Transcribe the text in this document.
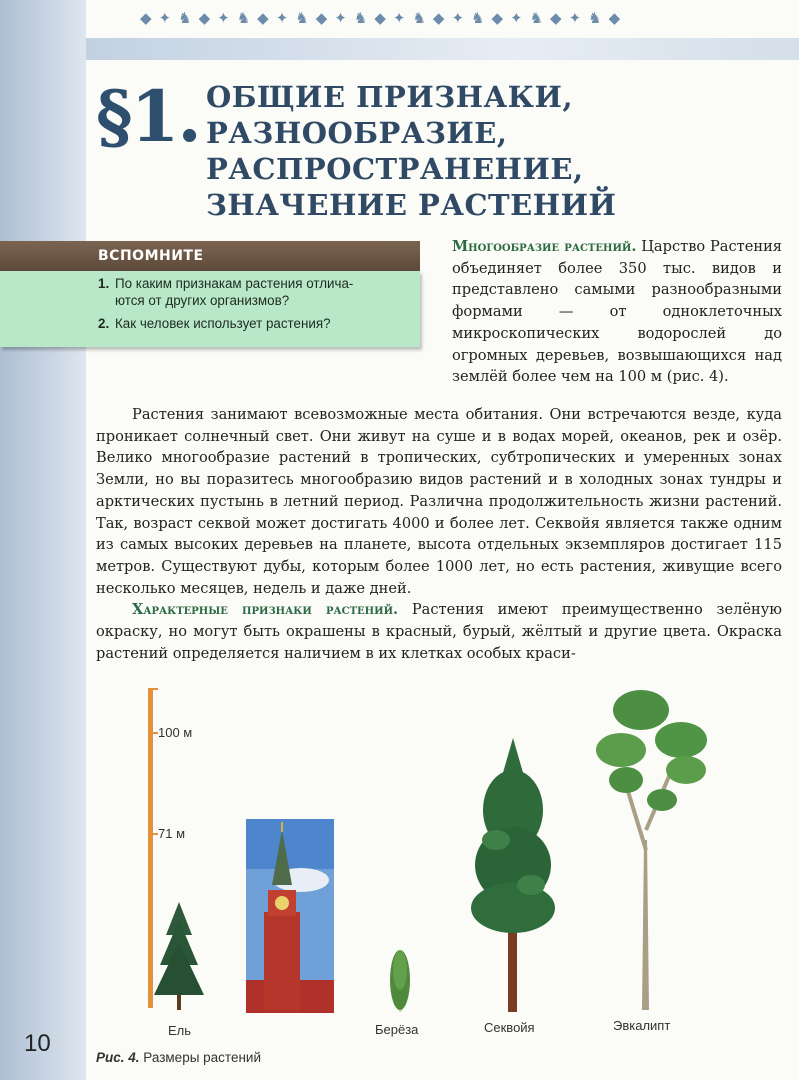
◆ ✦ ♞ ◆ ✦ ♞ ◆ ✦ ♞ ◆ ✦ ♞ ◆ ✦ ♞ ◆ ✦ ♞ ◆ ✦ ♞ ◆ ✦ ♞ ◆
§1. ОБЩИЕ ПРИЗНАКИ,
РАЗНООБРАЗИЕ,
РАСПРОСТРАНЕНИЕ,
ЗНАЧЕНИЕ РАСТЕНИЙ
ВСПОМНИТЕ
1. По каким признакам растения отлича-
ются от других организмов?
2. Как человек использует растения?
Многообразие растений. Царство Растения объединяет более 350 тыс. видов и представлено самыми разнообразными формами — от одноклеточных микроскопических водорослей до огромных деревьев, возвышающихся над землёй более чем на 100 м (рис. 4).

Растения занимают всевозможные места обитания. Они встречаются везде, куда проникает солнечный свет. Они живут на суше и в водах морей, океанов, рек и озёр. Велико многообразие растений в тропических, субтропических и умеренных зонах Земли, но вы поразитесь многообразию видов растений и в холодных зонах тундры и арктических пустынь в летний период. Различна продолжительность жизни растений. Так, возраст секвой может достигать 4000 и более лет. Секвойя является также одним из самых высоких деревьев на планете, высота отдельных экземпляров достигает 115 метров. Существуют дубы, которым более 1000 лет, но есть растения, живущие всего несколько месяцев, недель и даже дней.

Характерные признаки растений. Растения имеют преимущественно зелёную окраску, но могут быть окрашены в красный, бурый, жёлтый и другие цвета. Окраска растений определяется наличием в их клетках особых краси-

100 м
71 м
Ель	Берёза	Секвойя	Эвкалипт
10
Рис. 4. Размеры растений
